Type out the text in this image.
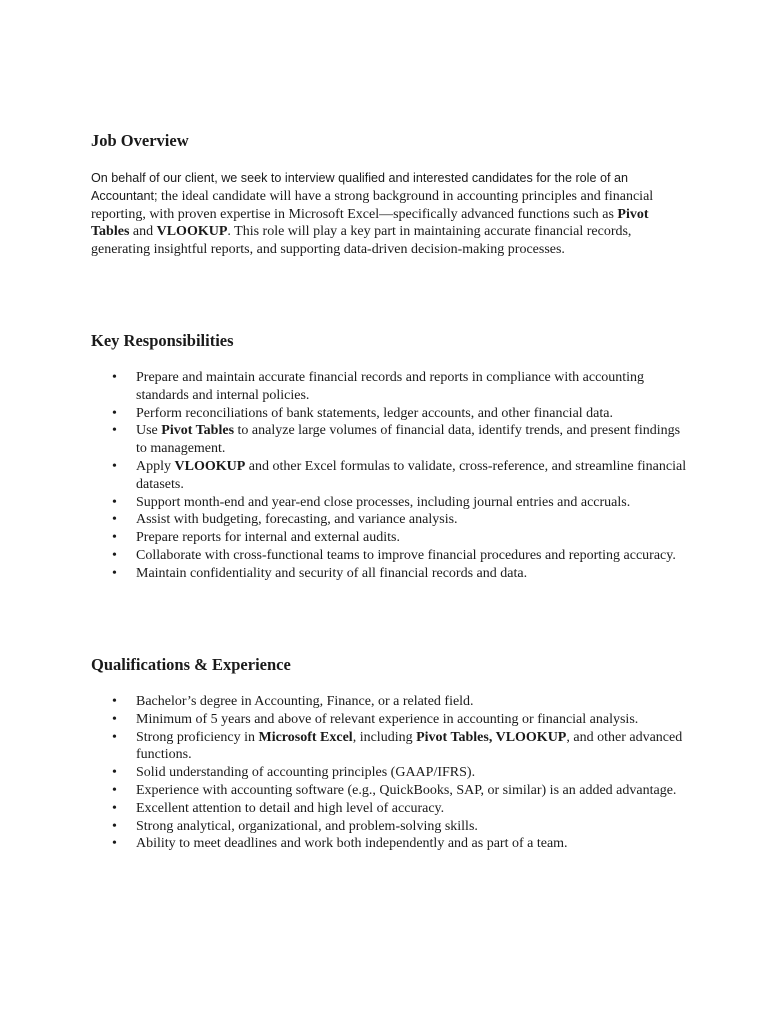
Job Overview

On behalf of our client, we seek to interview qualified and interested candidates for the role of an Accountant; the ideal candidate will have a strong background in accounting principles and financial reporting, with proven expertise in Microsoft Excel—specifically advanced functions such as Pivot Tables and VLOOKUP. This role will play a key part in maintaining accurate financial records, generating insightful reports, and supporting data-driven decision-making processes.

Key Responsibilities
• Prepare and maintain accurate financial records and reports in compliance with accounting standards and internal policies.
• Perform reconciliations of bank statements, ledger accounts, and other financial data.
• Use Pivot Tables to analyze large volumes of financial data, identify trends, and present findings to management.
• Apply VLOOKUP and other Excel formulas to validate, cross-reference, and streamline financial datasets.
• Support month-end and year-end close processes, including journal entries and accruals.
• Assist with budgeting, forecasting, and variance analysis.
• Prepare reports for internal and external audits.
• Collaborate with cross-functional teams to improve financial procedures and reporting accuracy.
• Maintain confidentiality and security of all financial records and data.
Qualifications & Experience
• Bachelor’s degree in Accounting, Finance, or a related field.
• Minimum of 5 years and above of relevant experience in accounting or financial analysis.
• Strong proficiency in Microsoft Excel, including Pivot Tables, VLOOKUP, and other advanced functions.
• Solid understanding of accounting principles (GAAP/IFRS).
• Experience with accounting software (e.g., QuickBooks, SAP, or similar) is an added advantage.
• Excellent attention to detail and high level of accuracy.
• Strong analytical, organizational, and problem-solving skills.
• Ability to meet deadlines and work both independently and as part of a team.
